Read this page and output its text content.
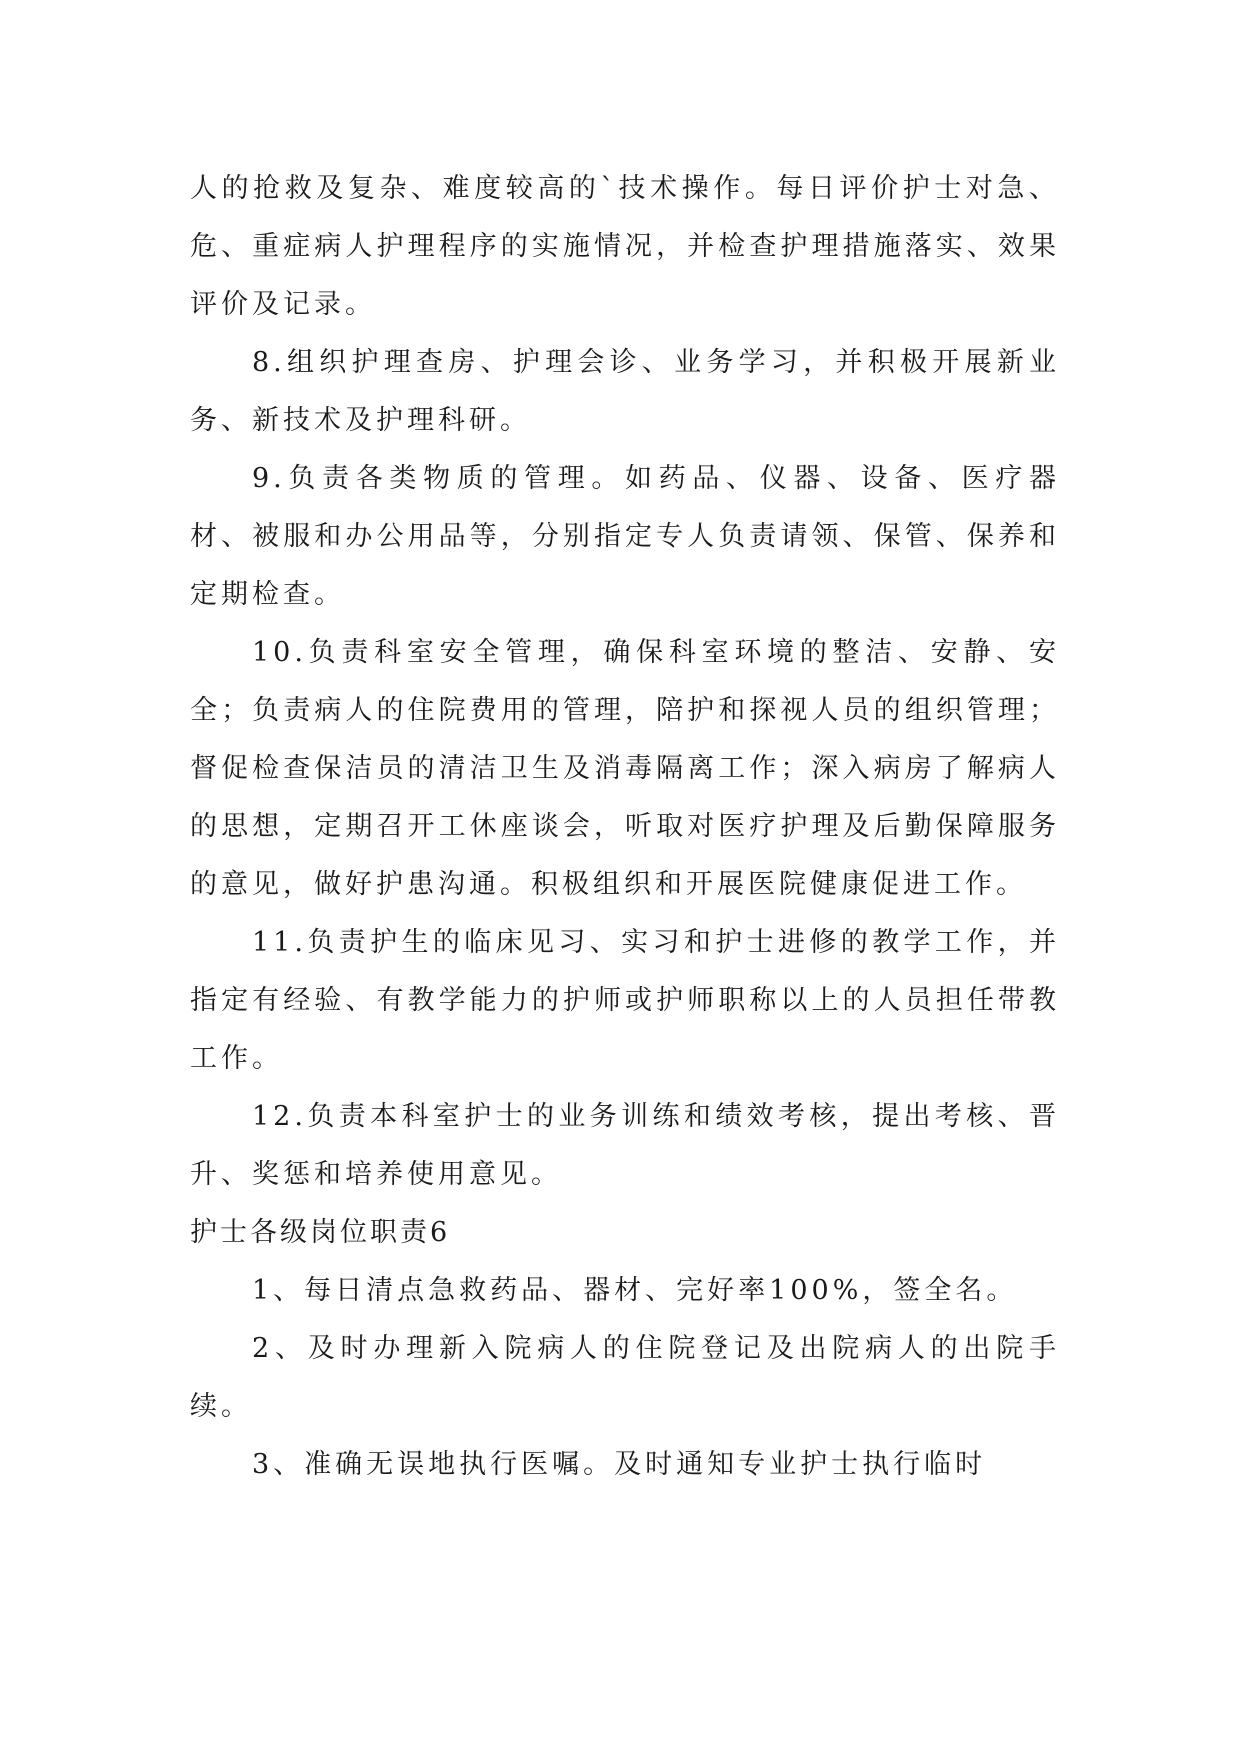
人的抢救及复杂、难度较高的`技术操作。每日评价护士对急、危、重症病人护理程序的实施情况，并检查护理措施落实、效果评价及记录。

8.组织护理查房、护理会诊、业务学习，并积极开展新业务、新技术及护理科研。

9.负责各类物质的管理。如药品、仪器、设备、医疗器材、被服和办公用品等，分别指定专人负责请领、保管、保养和定期检查。

10.负责科室安全管理，确保科室环境的整洁、安静、安全；负责病人的住院费用的管理，陪护和探视人员的组织管理；督促检查保洁员的清洁卫生及消毒隔离工作；深入病房了解病人的思想，定期召开工休座谈会，听取对医疗护理及后勤保障服务的意见，做好护患沟通。积极组织和开展医院健康促进工作。

11.负责护生的临床见习、实习和护士进修的教学工作，并指定有经验、有教学能力的护师或护师职称以上的人员担任带教工作。

12.负责本科室护士的业务训练和绩效考核，提出考核、晋升、奖惩和培养使用意见。

护士各级岗位职责6

1、每日清点急救药品、器材、完好率100%，签全名。

2、及时办理新入院病人的住院登记及出院病人的出院手续。

3、准确无误地执行医嘱。及时通知专业护士执行临时
